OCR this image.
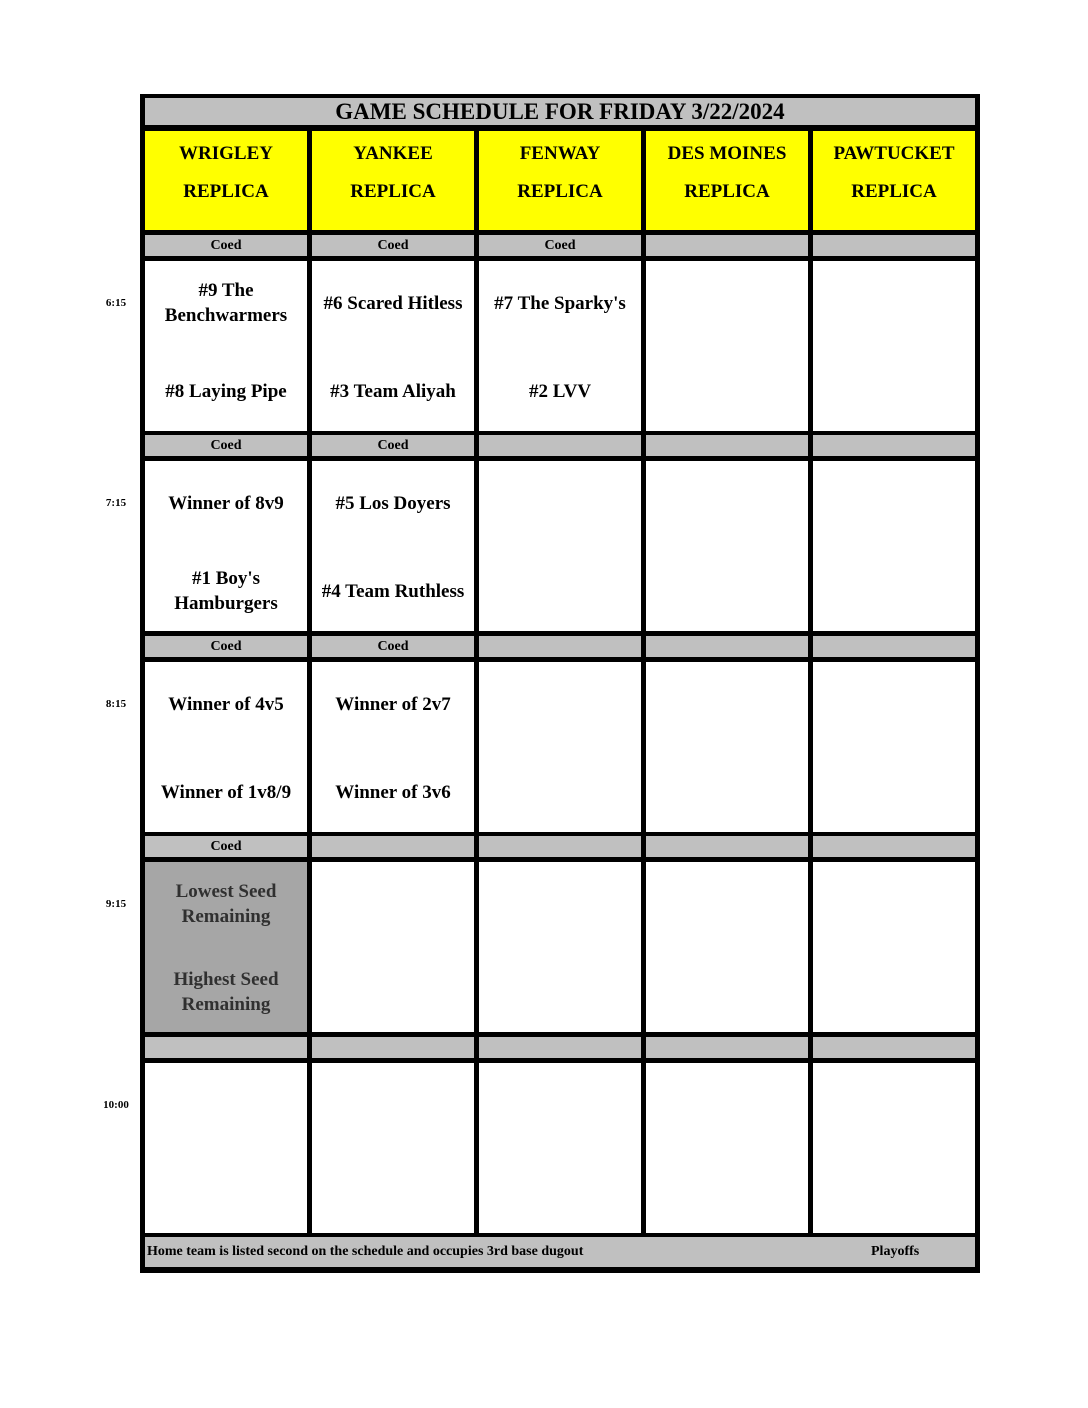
6:15
7:15
8:15
9:15
10:00
GAME SCHEDULE FOR FRIDAY 3/22/2024
Home team is listed second on the schedule and occupies 3rd base dugout	Playoffs
WRIGLEY
REPLICA
YANKEE
REPLICA
FENWAY
REPLICA
DES MOINES
REPLICA
PAWTUCKET
REPLICA
Coed
#9 The Benchwarmers
#8 Laying Pipe
Coed
#6 Scared Hitless
#3 Team Aliyah
Coed
#7 The Sparky's
#2 LVV
Coed
Winner of 8v9
#1 Boy's Hamburgers
Coed
#5 Los Doyers
#4 Team Ruthless
Coed
Winner of 4v5
Winner of 1v8/9
Coed
Winner of 2v7
Winner of 3v6
Coed
Lowest Seed Remaining
Highest Seed Remaining
